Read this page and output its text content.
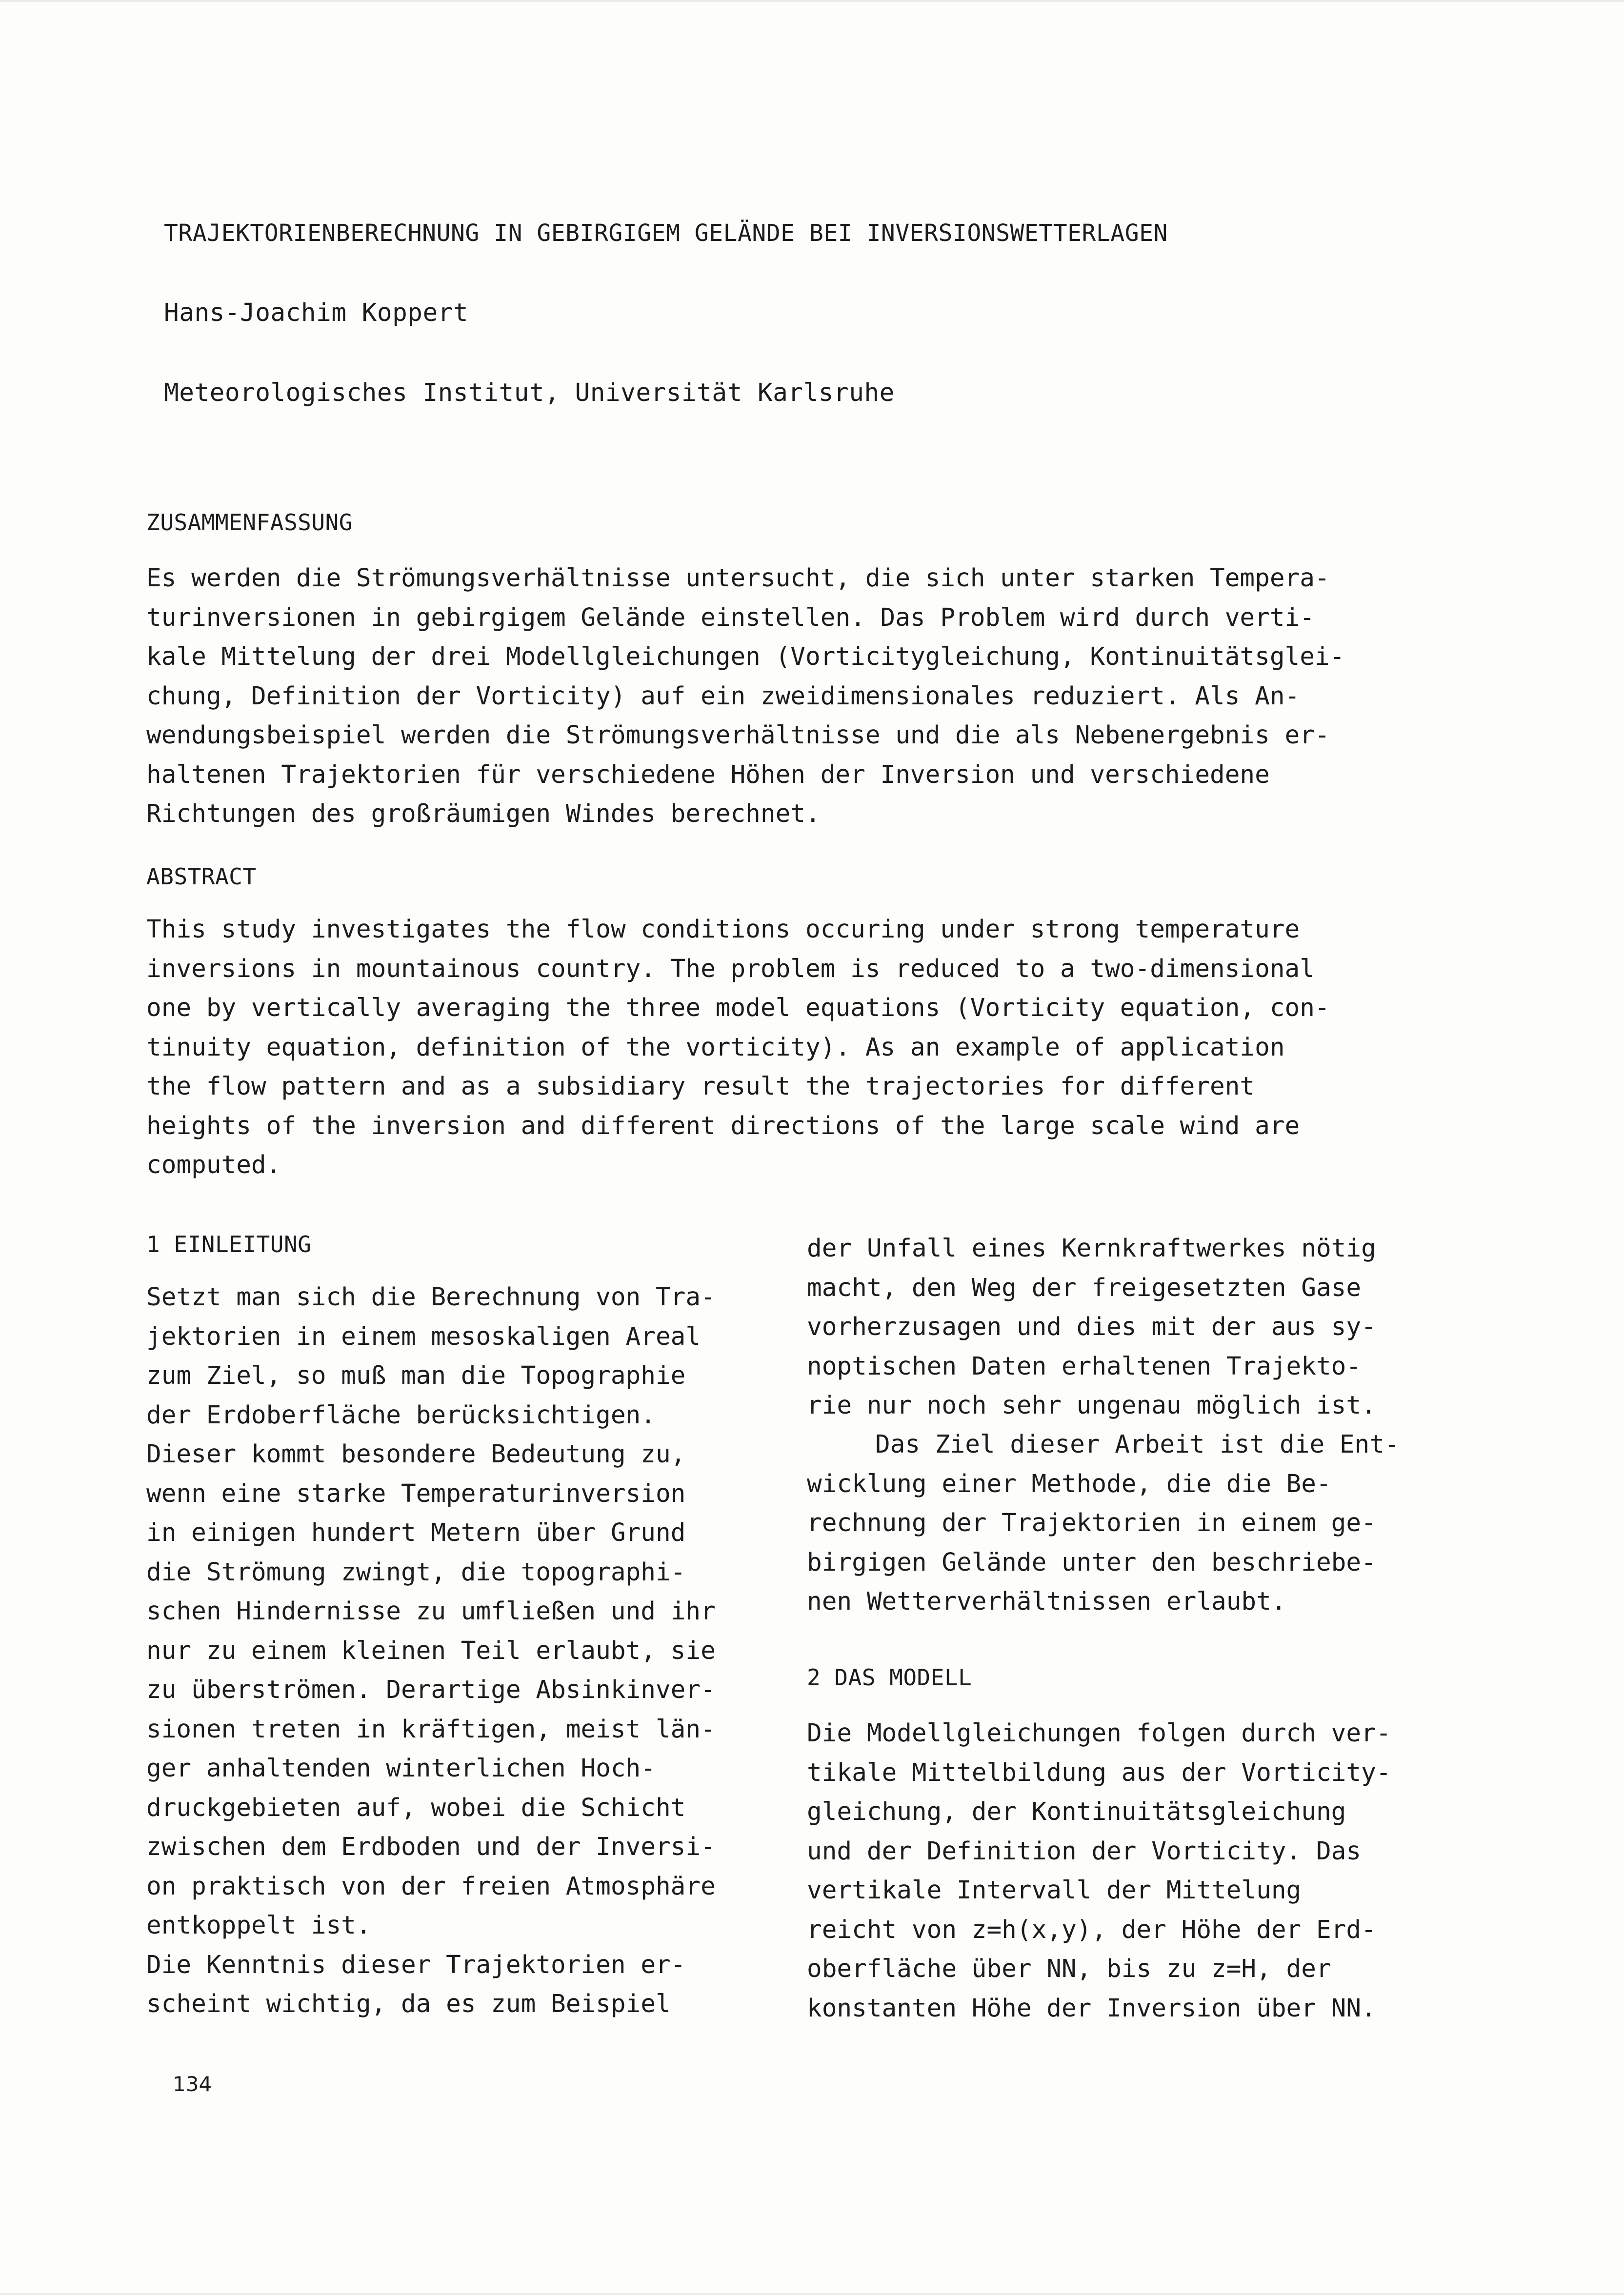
TRAJEKTORIENBERECHNUNG IN GEBIRGIGEM GELÄNDE BEI INVERSIONSWETTERLAGEN
Hans-Joachim Koppert
Meteorologisches Institut, Universität Karlsruhe
ZUSAMMENFASSUNG
Es werden die Strömungsverhältnisse untersucht, die sich unter starken Tempera-
turinversionen in gebirgigem Gelände einstellen. Das Problem wird durch verti-
kale Mittelung der drei Modellgleichungen (Vorticitygleichung, Kontinuitätsglei-
chung, Definition der Vorticity) auf ein zweidimensionales reduziert. Als An-
wendungsbeispiel werden die Strömungsverhältnisse und die als Nebenergebnis er-
haltenen Trajektorien für verschiedene Höhen der Inversion und verschiedene
Richtungen des großräumigen Windes berechnet.
ABSTRACT
This study investigates the flow conditions occuring under strong temperature
inversions in mountainous country. The problem is reduced to a two-dimensional
one by vertically averaging the three model equations (Vorticity equation, con-
tinuity equation, definition of the vorticity). As an example of application
the flow pattern and as a subsidiary result the trajectories for different
heights of the inversion and different directions of the large scale wind are
computed.
1 EINLEITUNG
Setzt man sich die Berechnung von Tra-
jektorien in einem mesoskaligen Areal
zum Ziel, so muß man die Topographie
der Erdoberfläche berücksichtigen.
Dieser kommt besondere Bedeutung zu,
wenn eine starke Temperaturinversion
in einigen hundert Metern über Grund
die Strömung zwingt, die topographi-
schen Hindernisse zu umfließen und ihr
nur zu einem kleinen Teil erlaubt, sie
zu überströmen. Derartige Absinkinver-
sionen treten in kräftigen, meist län-
ger anhaltenden winterlichen Hoch-
druckgebieten auf, wobei die Schicht
zwischen dem Erdboden und der Inversi-
on praktisch von der freien Atmosphäre
entkoppelt ist.
Die Kenntnis dieser Trajektorien er-
scheint wichtig, da es zum Beispiel
der Unfall eines Kernkraftwerkes nötig
macht, den Weg der freigesetzten Gase
vorherzusagen und dies mit der aus sy-
noptischen Daten erhaltenen Trajekto-
rie nur noch sehr ungenau möglich ist.
Das Ziel dieser Arbeit ist die Ent-
wicklung einer Methode, die die Be-
rechnung der Trajektorien in einem ge-
birgigen Gelände unter den beschriebe-
nen Wetterverhältnissen erlaubt.
2 DAS MODELL
Die Modellgleichungen folgen durch ver-
tikale Mittelbildung aus der Vorticity-
gleichung, der Kontinuitätsgleichung
und der Definition der Vorticity. Das
vertikale Intervall der Mittelung
reicht von z=h(x,y), der Höhe der Erd-
oberfläche über NN, bis zu z=H, der
konstanten Höhe der Inversion über NN.
134
